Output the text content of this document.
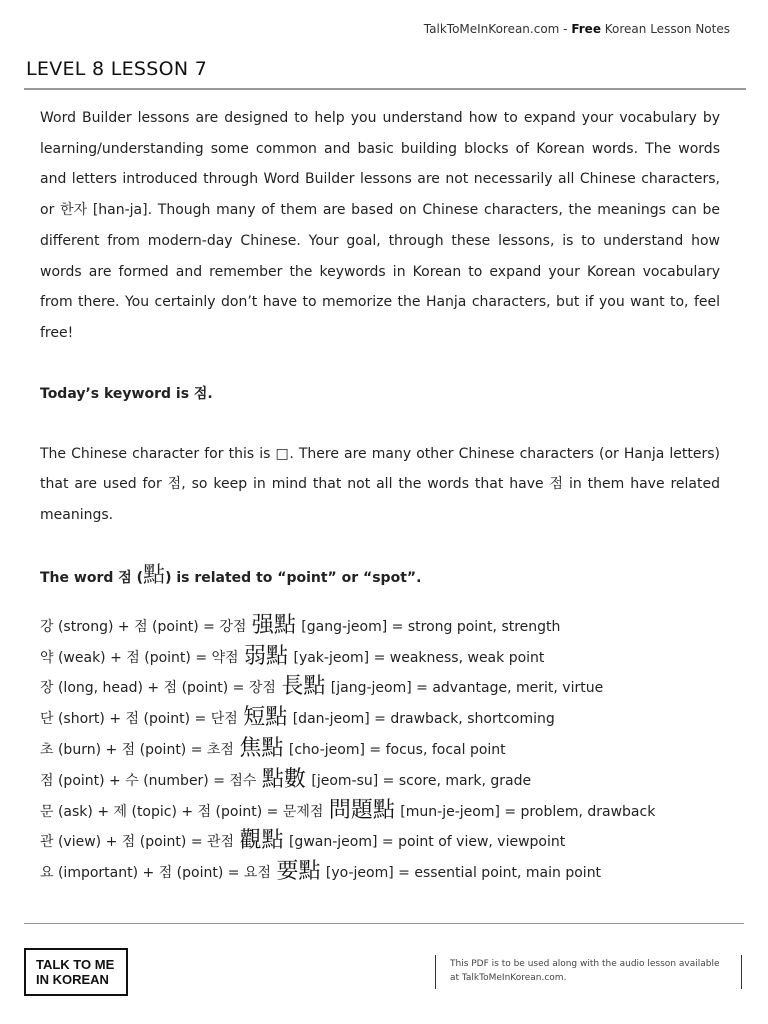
TalkToMeInKorean.com - Free Korean Lesson Notes
LEVEL 8 LESSON 7

Word Builder lessons are designed to help you understand how to expand your vocabulary by learning/understanding some common and basic building blocks of Korean words. The words and letters introduced through Word Builder lessons are not necessarily all Chinese characters, or 한자 [han-ja]. Though many of them are based on Chinese characters, the meanings can be different from modern-day Chinese. Your goal, through these lessons, is to understand how words are formed and remember the keywords in Korean to expand your Korean vocabulary from there. You certainly don’t have to memorize the Hanja characters, but if you want to, feel free!

Today’s keyword is 점.

The Chinese character for this is □. There are many other Chinese characters (or Hanja letters) that are used for 점, so keep in mind that not all the words that have 점 in them have related meanings.

The word 점 (點) is related to “point” or “spot”.

강 (strong) + 점 (point) = 강점 强點 [gang-jeom] = strong point, strength
약 (weak) + 점 (point) = 약점 弱點 [yak-jeom] = weakness, weak point
장 (long, head) + 점 (point) = 장점 長點 [jang-jeom] = advantage, merit, virtue
단 (short) + 점 (point) = 단점 短點 [dan-jeom] = drawback, shortcoming
초 (burn) + 점 (point) = 초점 焦點 [cho-jeom] = focus, focal point
점 (point) + 수 (number) = 점수 點數 [jeom-su] = score, mark, grade
문 (ask) + 제 (topic) + 점 (point) = 문제점 問題點 [mun-je-jeom] = problem, drawback
관 (view) + 점 (point) = 관점 觀點 [gwan-jeom] = point of view, viewpoint
요 (important) + 점 (point) = 요점 要點 [yo-jeom] = essential point, main point
TALK TO ME
IN KOREAN
This PDF is to be used along with the audio lesson available at TalkToMeInKorean.com.
